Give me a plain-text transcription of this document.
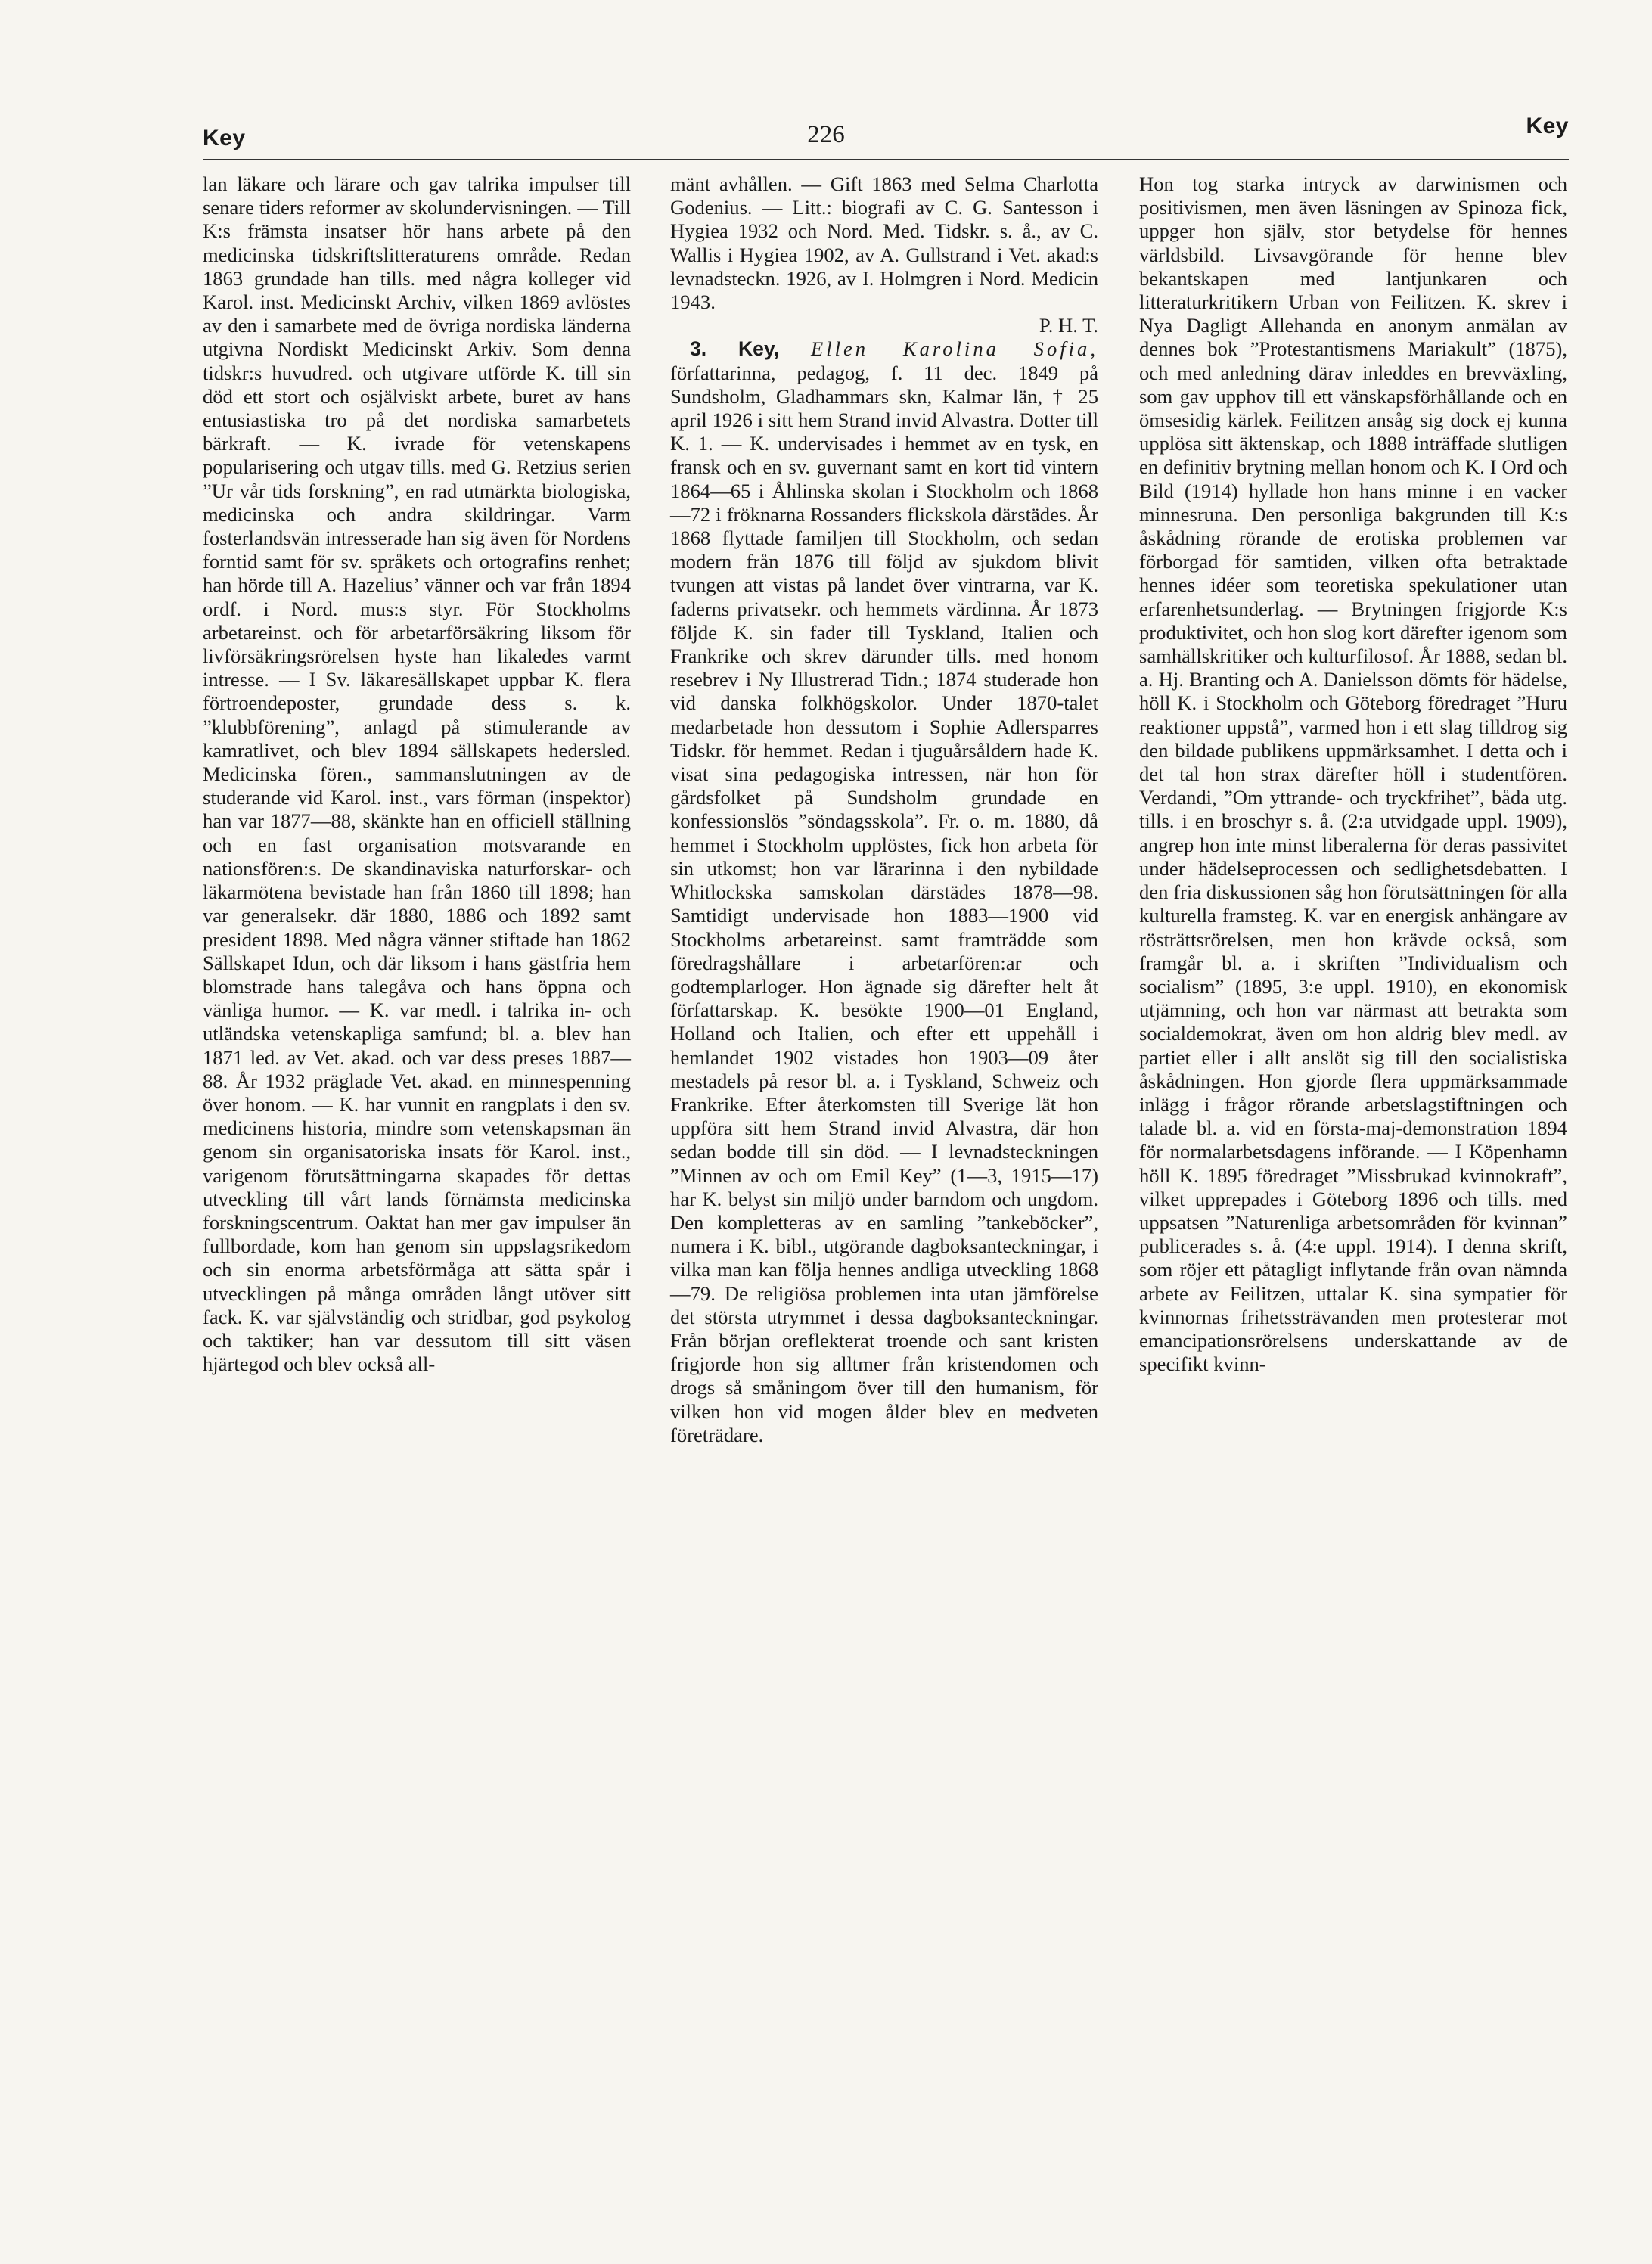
Key	226	Key

lan läkare och lärare och gav talrika impulser till senare tiders reformer av skolundervisningen. — Till K:s främsta insatser hör hans arbete på den medicinska tidskriftslitteraturens område. Redan 1863 grundade han tills. med några kolleger vid Karol. inst. Medicinskt Archiv, vilken 1869 avlöstes av den i samarbete med de övriga nordiska länderna utgivna Nordiskt Medicinskt Arkiv. Som denna tidskr:s huvudred. och utgivare utförde K. till sin död ett stort och osjälviskt arbete, buret av hans entusiastiska tro på det nordiska samarbetets bärkraft. — K. ivrade för vetenskapens popularisering och utgav tills. med G. Retzius serien ”Ur vår tids forskning”, en rad utmärkta biologiska, medicinska och andra skildringar. Varm fosterlandsvän intresserade han sig även för Nordens forntid samt för sv. språkets och ortografins renhet; han hörde till A. Hazelius’ vänner och var från 1894 ordf. i Nord. mus:s styr. För Stockholms arbetareinst. och för arbetarförsäkring liksom för livförsäkringsrörelsen hyste han likaledes varmt intresse. — I Sv. läkaresällskapet uppbar K. flera förtroendeposter, grundade dess s. k. ”klubbförening”, anlagd på stimulerande av kamratlivet, och blev 1894 sällskapets hedersled. Medicinska fören., sammanslutningen av de studerande vid Karol. inst., vars förman (inspektor) han var 1877—88, skänkte han en officiell ställning och en fast organisation motsvarande en nationsfören:s. De skandinaviska naturforskar- och läkarmötena bevistade han från 1860 till 1898; han var generalsekr. där 1880, 1886 och 1892 samt president 1898. Med några vänner stiftade han 1862 Sällskapet Idun, och där liksom i hans gästfria hem blomstrade hans talegåva och hans öppna och vänliga humor. — K. var medl. i talrika in- och utländska vetenskapliga samfund; bl. a. blev han 1871 led. av Vet. akad. och var dess preses 1887—88. År 1932 präglade Vet. akad. en minnespenning över honom. — K. har vunnit en rangplats i den sv. medicinens historia, mindre som vetenskapsman än genom sin organisatoriska insats för Karol. inst., varigenom förutsättningarna skapades för dettas utveckling till vårt lands förnämsta medicinska forskningscentrum. Oaktat han mer gav impulser än fullbordade, kom han genom sin uppslagsrikedom och sin enorma arbetsförmåga att sätta spår i utvecklingen på många områden långt utöver sitt fack. K. var självständig och stridbar, god psykolog och taktiker; han var dessutom till sitt väsen hjärtegod och blev också all-

mänt avhållen. — Gift 1863 med Selma Charlotta Godenius. — Litt.: biografi av C. G. Santesson i Hygiea 1932 och Nord. Med. Tidskr. s. å., av C. Wallis i Hygiea 1902, av A. Gullstrand i Vet. akad:s levnadsteckn. 1926, av I. Holmgren i Nord. Medicin 1943.
P. H. T.

3. Key, Ellen Karolina Sofia, författarinna, pedagog, f. 11 dec. 1849 på Sundsholm, Gladhammars skn, Kalmar län, † 25 april 1926 i sitt hem Strand invid Alvastra. Dotter till K. 1. — K. undervisades i hemmet av en tysk, en fransk och en sv. guvernant samt en kort tid vintern 1864—65 i Åhlinska skolan i Stockholm och 1868—72 i fröknarna Rossanders flickskola därstädes. År 1868 flyttade familjen till Stockholm, och sedan modern från 1876 till följd av sjukdom blivit tvungen att vistas på landet över vintrarna, var K. faderns privatsekr. och hemmets värdinna. År 1873 följde K. sin fader till Tyskland, Italien och Frankrike och skrev därunder tills. med honom resebrev i Ny Illustrerad Tidn.; 1874 studerade hon vid danska folkhögskolor. Under 1870-talet medarbetade hon dessutom i Sophie Adlersparres Tidskr. för hemmet. Redan i tjuguårsåldern hade K. visat sina pedagogiska intressen, när hon för gårdsfolket på Sundsholm grundade en konfessionslös ”söndagsskola”. Fr. o. m. 1880, då hemmet i Stockholm upplöstes, fick hon arbeta för sin utkomst; hon var lärarinna i den nybildade Whitlockska samskolan därstädes 1878—98. Samtidigt undervisade hon 1883—1900 vid Stockholms arbetareinst. samt framträdde som föredragshållare i arbetarfören:ar och godtemplarloger. Hon ägnade sig därefter helt åt författarskap. K. besökte 1900—01 England, Holland och Italien, och efter ett uppehåll i hemlandet 1902 vistades hon 1903—09 åter mestadels på resor bl. a. i Tyskland, Schweiz och Frankrike. Efter återkomsten till Sverige lät hon uppföra sitt hem Strand invid Alvastra, där hon sedan bodde till sin död. — I levnadsteckningen ”Minnen av och om Emil Key” (1—3, 1915—17) har K. belyst sin miljö under barndom och ungdom. Den kompletteras av en samling ”tankeböcker”, numera i K. bibl., utgörande dagboksanteckningar, i vilka man kan följa hennes andliga utveckling 1868—79. De religiösa problemen inta utan jämförelse det största utrymmet i dessa dagboksanteckningar. Från början oreflekterat troende och sant kristen frigjorde hon sig alltmer från kristendomen och drogs så småningom över till den humanism, för vilken hon vid mogen ålder blev en medveten företrädare.

Hon tog starka intryck av darwinismen och positivismen, men även läsningen av Spinoza fick, uppger hon själv, stor betydelse för hennes världsbild. Livsavgörande för henne blev bekantskapen med lantjunkaren och litteraturkritikern Urban von Feilitzen. K. skrev i Nya Dagligt Allehanda en anonym anmälan av dennes bok ”Protestantismens Mariakult” (1875), och med anledning därav inleddes en brevväxling, som gav upphov till ett vänskapsförhållande och en ömsesidig kärlek. Feilitzen ansåg sig dock ej kunna upplösa sitt äktenskap, och 1888 inträffade slutligen en definitiv brytning mellan honom och K. I Ord och Bild (1914) hyllade hon hans minne i en vacker minnesruna. Den personliga bakgrunden till K:s åskådning rörande de erotiska problemen var förborgad för samtiden, vilken ofta betraktade hennes idéer som teoretiska spekulationer utan erfarenhetsunderlag. — Brytningen frigjorde K:s produktivitet, och hon slog kort därefter igenom som samhällskritiker och kulturfilosof. År 1888, sedan bl. a. Hj. Branting och A. Danielsson dömts för hädelse, höll K. i Stockholm och Göteborg föredraget ”Huru reaktioner uppstå”, varmed hon i ett slag tilldrog sig den bildade publikens uppmärksamhet. I detta och i det tal hon strax därefter höll i studentfören. Verdandi, ”Om yttrande- och tryckfrihet”, båda utg. tills. i en broschyr s. å. (2:a utvidgade uppl. 1909), angrep hon inte minst liberalerna för deras passivitet under hädelseprocessen och sedlighetsdebatten. I den fria diskussionen såg hon förutsättningen för alla kulturella framsteg. K. var en energisk anhängare av rösträttsrörelsen, men hon krävde också, som framgår bl. a. i skriften ”Individualism och socialism” (1895, 3:e uppl. 1910), en ekonomisk utjämning, och hon var närmast att betrakta som socialdemokrat, även om hon aldrig blev medl. av partiet eller i allt anslöt sig till den socialistiska åskådningen. Hon gjorde flera uppmärksammade inlägg i frågor rörande arbetslagstiftningen och talade bl. a. vid en första-maj-demonstration 1894 för normalarbetsdagens införande. — I Köpenhamn höll K. 1895 föredraget ”Missbrukad kvinnokraft”, vilket upprepades i Göteborg 1896 och tills. med uppsatsen ”Naturenliga arbetsområden för kvinnan” publicerades s. å. (4:e uppl. 1914). I denna skrift, som röjer ett påtagligt inflytande från ovan nämnda arbete av Feilitzen, uttalar K. sina sympatier för kvinnornas frihetssträvanden men protesterar mot emancipationsrörelsens underskattande av de specifikt kvinn-
